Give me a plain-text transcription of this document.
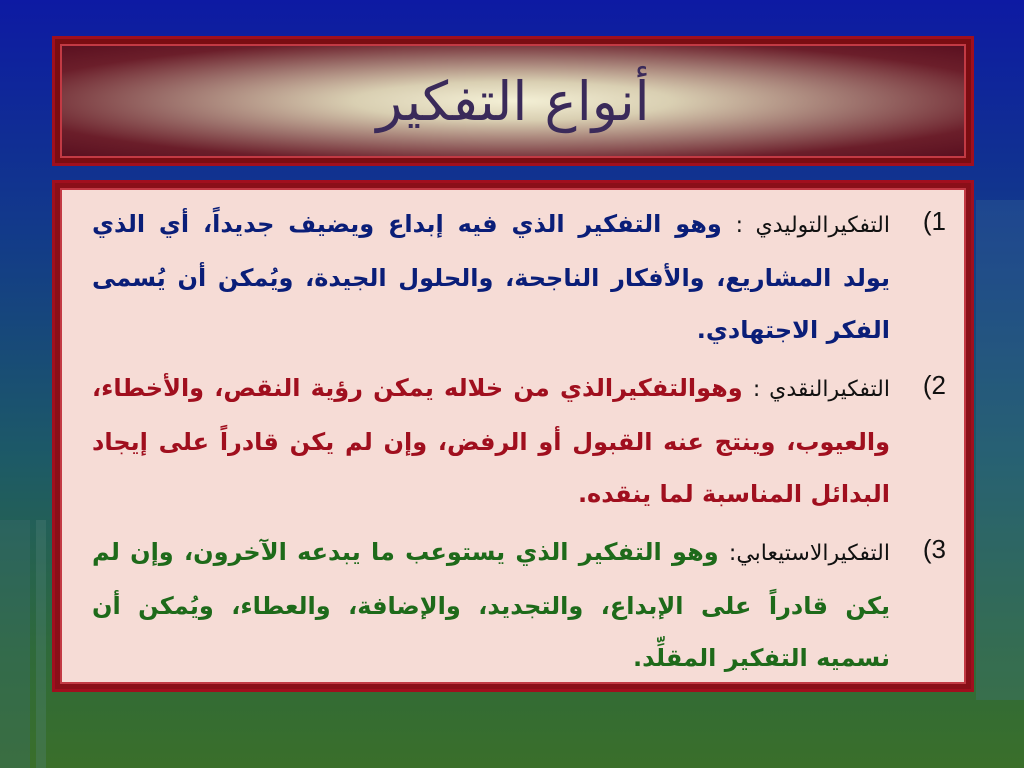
أنواع التفكير
(1
التفكيرالتوليدي : وهو التفكير الذي فيه إبداع ويضيف جديداً، أي الذي يولد المشاريع، والأفكار الناجحة، والحلول الجيدة، ويُمكن أن يُسمى الفكر الاجتهادي.
(2
التفكيرالنقدي : وهوالتفكيرالذي من خلاله يمكن رؤية النقص، والأخطاء، والعيوب، وينتج عنه القبول أو الرفض، وإن لم يكن قادراً على إيجاد البدائل المناسبة لما ينقده.
(3
التفكيرالاستيعابي: وهو التفكير الذي يستوعب ما يبدعه الآخرون، وإن لم يكن قادراً على الإبداع، والتجديد، والإضافة، والعطاء، ويُمكن أن نسميه التفكير المقلِّد.
